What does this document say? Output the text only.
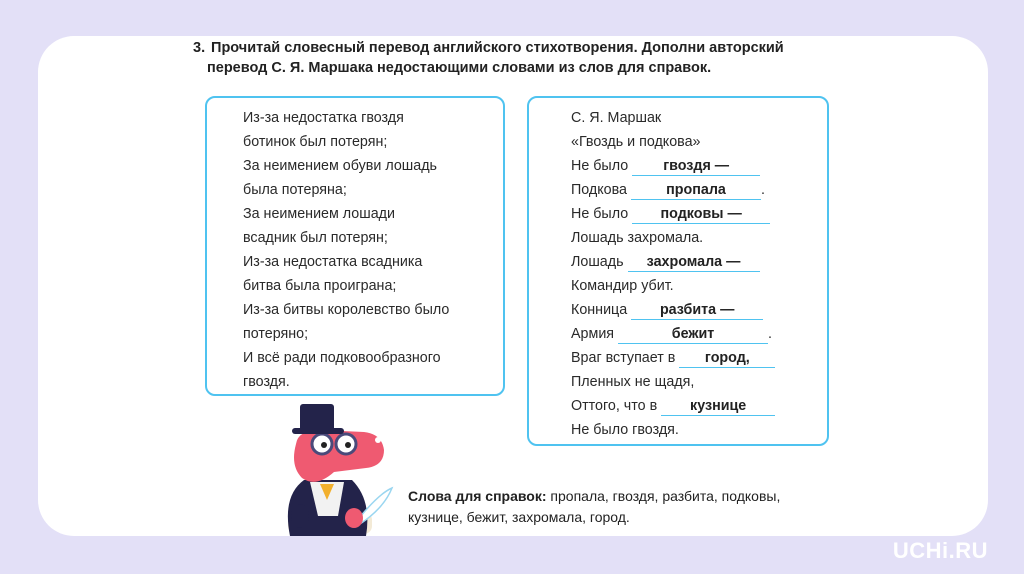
3. Прочитай словесный перевод английского стихотворения. Дополни авторский
перевод С. Я. Маршака недостающими словами из слов для справок.
Из-за недостатка гвоздя
ботинок был потерян;
За неимением обуви лошадь
была потеряна;
За неимением лошади
всадник был потерян;
Из-за недостатка всадника
битва была проиграна;
Из-за битвы королевство было
потеряно;
И всё ради подковообразного
гвоздя.
С. Я. Маршак
«Гвоздь и подкова»
Не было гвоздя —
Подкова	пропала .
Не было подковы —
Лошадь захромала.
Лошадь захромала —
Командир убит.
Конница разбита —
Армия	бежит	.
Враг вступает в город,
Пленных не щадя,
Оттого, что в кузнице
Не было гвоздя.
Слова для справок: пропала, гвоздя, разбита, подковы,
кузнице, бежит, захромала, город.
UCHi.RU
